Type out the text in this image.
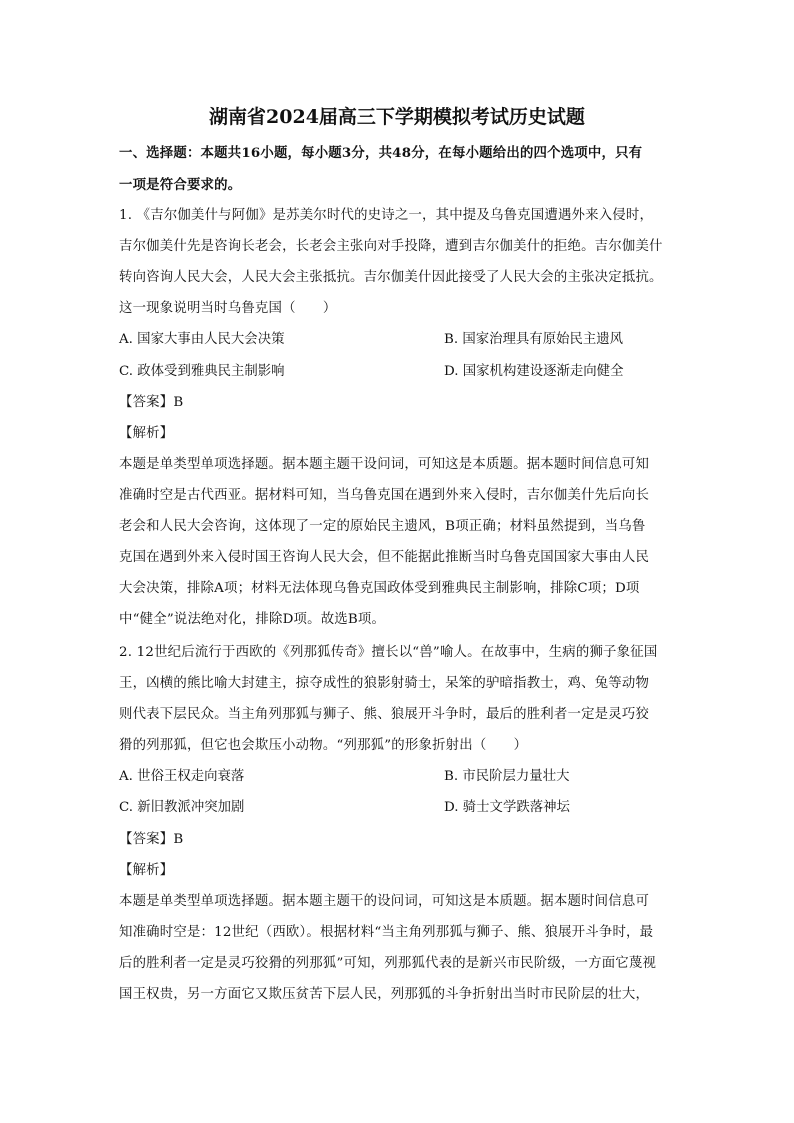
湖南省2024届高三下学期模拟考试历史试题
一、选择题：本题共16小题，每小题3分，共48分，在每小题给出的四个选项中，只有
一项是符合要求的。
1. 《吉尔伽美什与阿伽》是苏美尔时代的史诗之一，其中提及乌鲁克国遭遇外来入侵时，
吉尔伽美什先是咨询长老会，长老会主张向对手投降，遭到吉尔伽美什的拒绝。吉尔伽美什
转向咨询人民大会，人民大会主张抵抗。吉尔伽美什因此接受了人民大会的主张决定抵抗。
这一现象说明当时乌鲁克国（　　）
A. 国家大事由人民大会决策	B. 国家治理具有原始民主遗风
C. 政体受到雅典民主制影响	D. 国家机构建设逐渐走向健全
【答案】B
【解析】
本题是单类型单项选择题。据本题主题干设问词，可知这是本质题。据本题时间信息可知
准确时空是古代西亚。据材料可知，当乌鲁克国在遇到外来入侵时，吉尔伽美什先后向长
老会和人民大会咨询，这体现了一定的原始民主遗风，B项正确；材料虽然提到，当乌鲁
克国在遇到外来入侵时国王咨询人民大会，但不能据此推断当时乌鲁克国国家大事由人民
大会决策，排除A项；材料无法体现乌鲁克国政体受到雅典民主制影响，排除C项；D项
中“健全”说法绝对化，排除D项。故选B项。
2. 12世纪后流行于西欧的《列那狐传奇》擅长以“兽”喻人。在故事中，生病的狮子象征国
王，凶横的熊比喻大封建主，掠夺成性的狼影射骑士，呆笨的驴暗指教士，鸡、兔等动物
则代表下层民众。当主角列那狐与狮子、熊、狼展开斗争时，最后的胜利者一定是灵巧狡
猾的列那狐，但它也会欺压小动物。“列那狐”的形象折射出（　　）
A. 世俗王权走向衰落	B. 市民阶层力量壮大
C. 新旧教派冲突加剧	D. 骑士文学跌落神坛
【答案】B
【解析】
本题是单类型单项选择题。据本题主题干的设问词，可知这是本质题。据本题时间信息可
知准确时空是：12世纪（西欧）。根据材料“当主角列那狐与狮子、熊、狼展开斗争时，最
后的胜利者一定是灵巧狡猾的列那狐”可知，列那狐代表的是新兴市民阶级，一方面它蔑视
国王权贵，另一方面它又欺压贫苦下层人民，列那狐的斗争折射出当时市民阶层的壮大，
